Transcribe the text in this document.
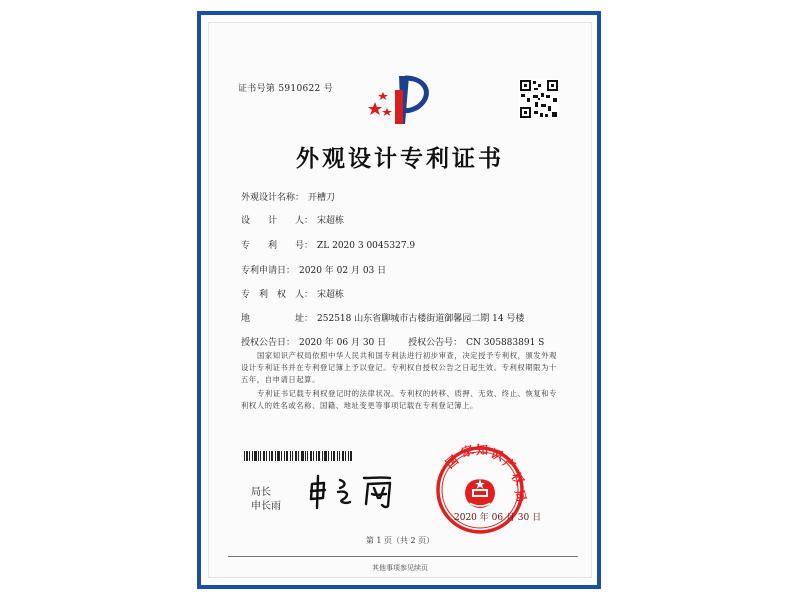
证书号第 5910622 号
外观设计专利证书
外观设计名称： 开槽刀
设　　计　　人： 宋超栋
专　　利　　号： ZL 2020 3 0045327.9
专利申请日： 2020 年 02 月 03 日
专　利　权　人： 宋超栋
地　　　　　址： 252518 山东省聊城市古楼街道御馨园二期 14 号楼
授权公告日： 2020 年 06 月 30 日 授权公告号： CN 305883891 S

国家知识产权局依照中华人民共和国专利法进行初步审查，决定授予专利权，颁发外观设计专利证书并在专利登记簿上予以登记。专利权自授权公告之日起生效。专利权期限为十五年，自申请日起算。

专利证书记载专利权登记时的法律状况。专利权的转移、质押、无效、终止、恢复和专利权人的姓名或名称、国籍、地址变更等事项记载在专利登记簿上。

局长
申长雨
国
家 知 识
产
权
局
2020 年 06 月 30 日
第 1 页（共 2 页）
其他事项参见续页
